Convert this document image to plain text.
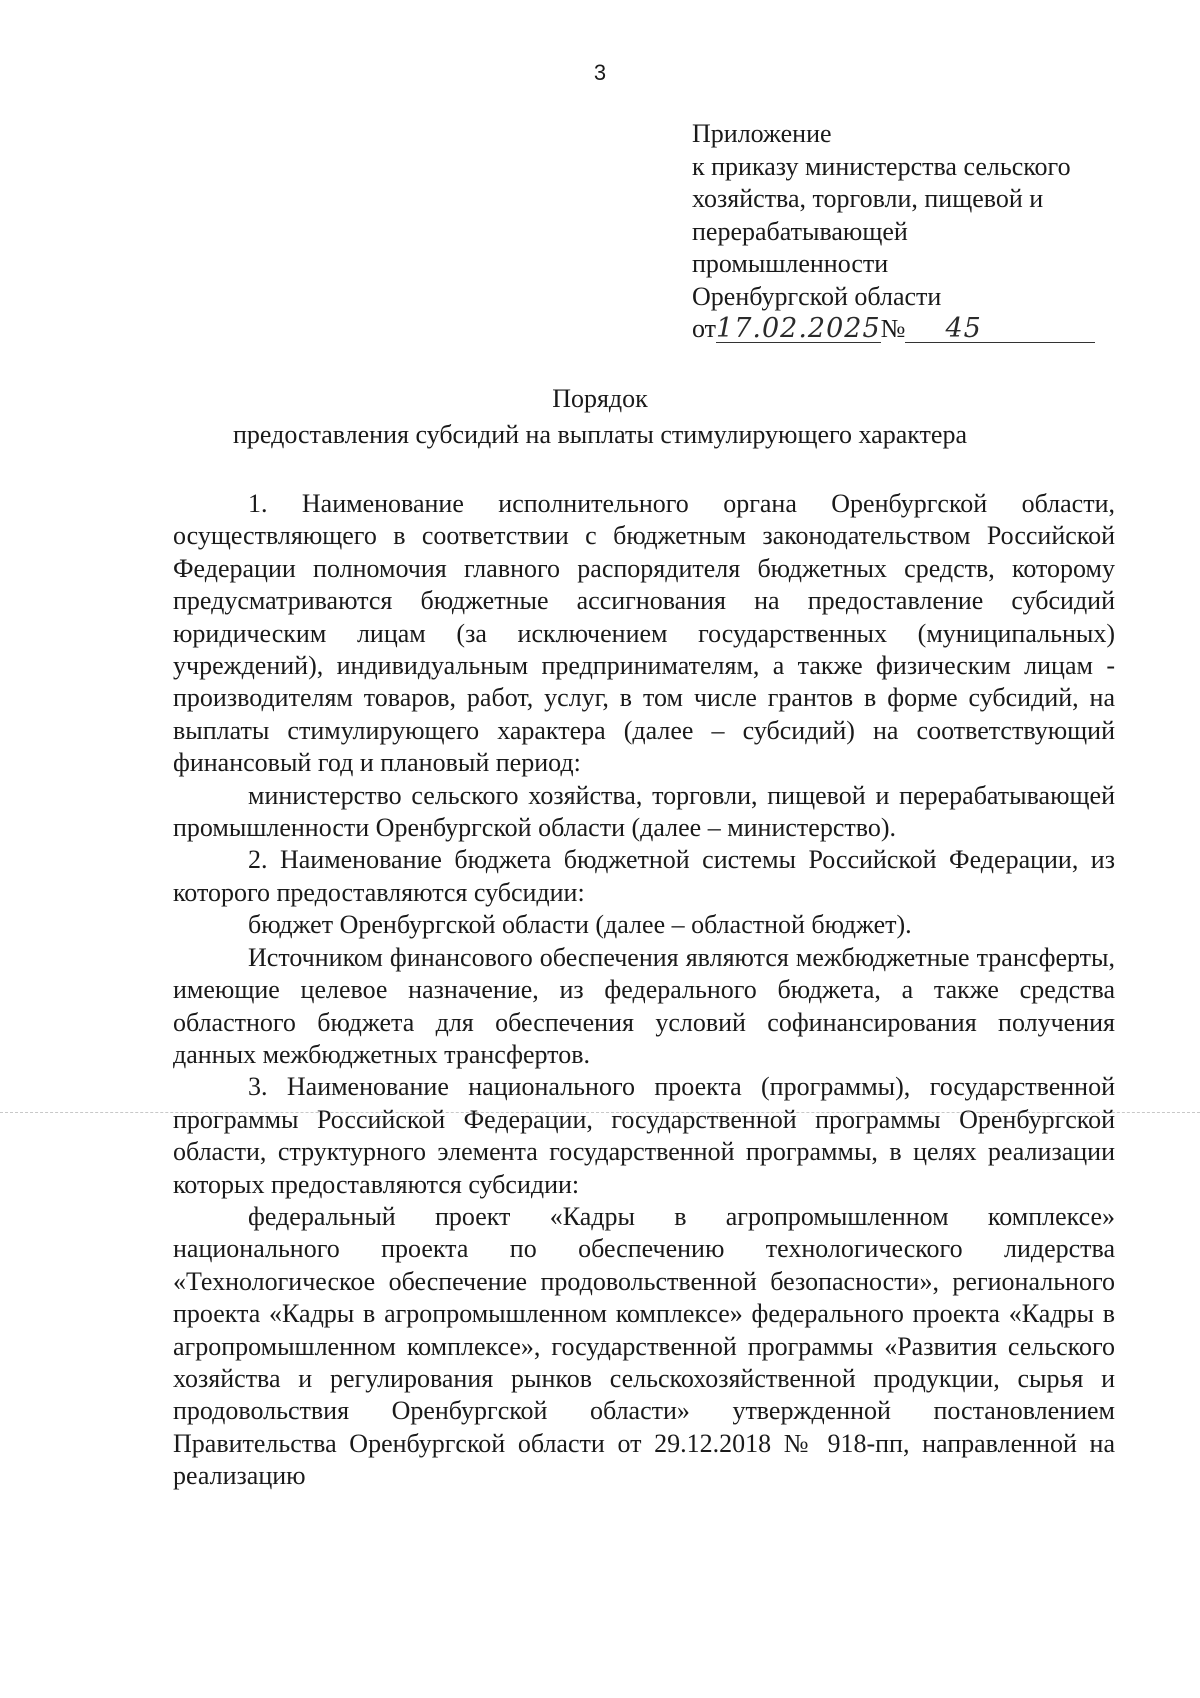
3
Приложение
к приказу министерства сельского
хозяйства, торговли, пищевой и
перерабатывающей
промышленности
Оренбургской области
от17.02.2025№ 45
Порядок
предоставления субсидий на выплаты стимулирующего характера

1. Наименование исполнительного органа Оренбургской области, осуществляющего в соответствии с бюджетным законодательством Российской Федерации полномочия главного распорядителя бюджетных средств, которому предусматриваются бюджетные ассигнования на предоставление субсидий юридическим лицам (за исключением государственных (муниципальных) учреждений), индивидуальным предпринимателям, а также физическим лицам - производителям товаров, работ, услуг, в том числе грантов в форме субсидий, на выплаты стимулирующего характера (далее – субсидий) на соответствующий финансовый год и плановый период:

министерство сельского хозяйства, торговли, пищевой и перерабатывающей промышленности Оренбургской области (далее – министерство).

2. Наименование бюджета бюджетной системы Российской Федерации, из которого предоставляются субсидии:

бюджет Оренбургской области (далее – областной бюджет).

Источником финансового обеспечения являются межбюджетные трансферты, имеющие целевое назначение, из федерального бюджета, а также средства областного бюджета для обеспечения условий софинансирования получения данных межбюджетных трансфертов.

3. Наименование национального проекта (программы), государственной программы Российской Федерации, государственной программы Оренбургской области, структурного элемента государственной программы, в целях реализации которых предоставляются субсидии:

федеральный проект «Кадры в агропромышленном комплексе» национального проекта по обеспечению технологического лидерства «Технологическое обеспечение продовольственной безопасности», регионального проекта «Кадры в агропромышленном комплексе» федерального проекта «Кадры в агропромышленном комплексе», государственной программы «Развития сельского хозяйства и регулирования рынков сельскохозяйственной продукции, сырья и продовольствия Оренбургской области» утвержденной постановлением Правительства Оренбургской области от 29.12.2018 № 918-пп, направленной на реализацию
